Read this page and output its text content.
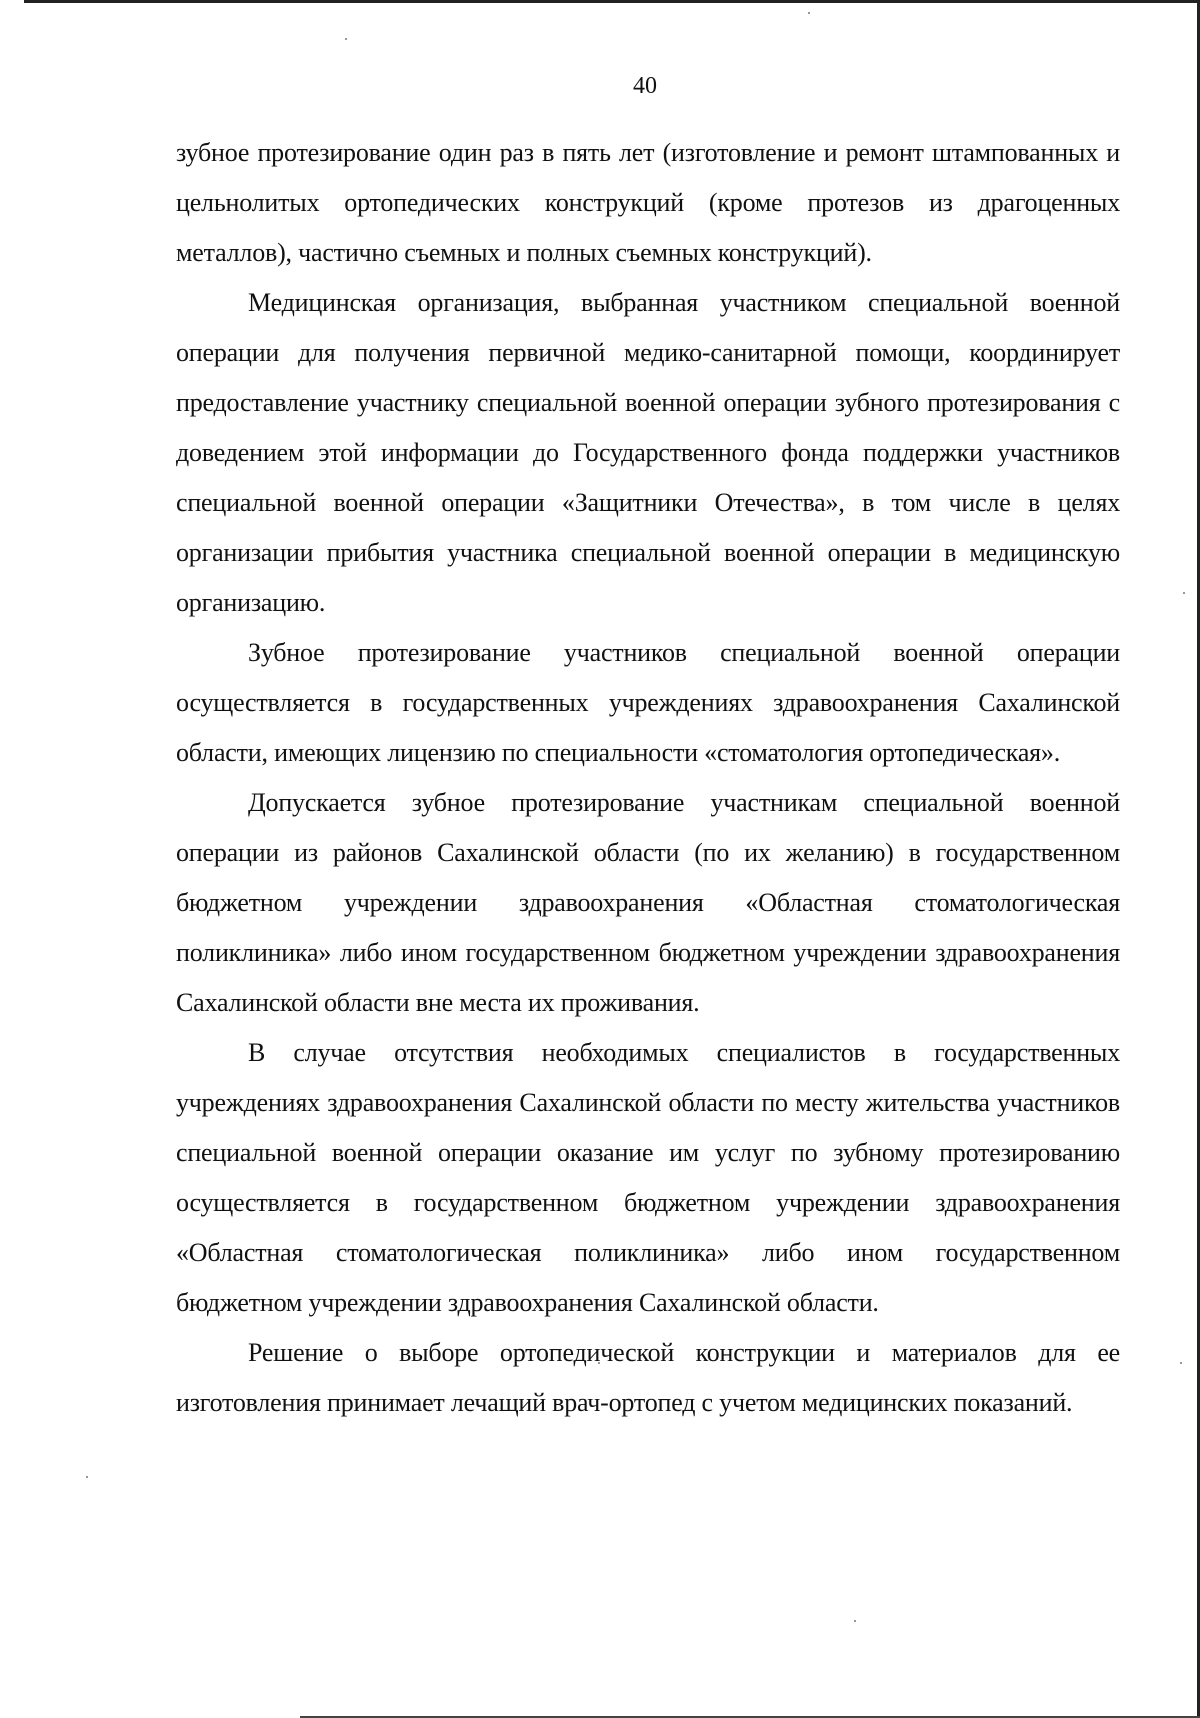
40

зубное протезирование один раз в пять лет (изготовление и ремонт штампованных и цельнолитых ортопедических конструкций (кроме протезов из драгоценных металлов), частично съемных и полных съемных конструкций).

Медицинская организация, выбранная участником специальной военной операции для получения первичной медико-санитарной помощи, координирует предоставление участнику специальной военной операции зубного протезирования с доведением этой информации до Государственного фонда поддержки участников специальной военной операции «Защитники Отечества», в том числе в целях организации прибытия участника специальной военной операции в медицинскую организацию.

Зубное протезирование участников специальной военной операции осуществляется в государственных учреждениях здравоохранения Сахалинской области, имеющих лицензию по специальности «стоматология ортопедическая».

Допускается зубное протезирование участникам специальной военной операции из районов Сахалинской области (по их желанию) в государственном бюджетном учреждении здравоохранения «Областная стоматологическая поликлиника» либо ином государственном бюджетном учреждении здравоохранения Сахалинской области вне места их проживания.

В случае отсутствия необходимых специалистов в государственных учреждениях здравоохранения Сахалинской области по месту жительства участников специальной военной операции оказание им услуг по зубному протезированию осуществляется в государственном бюджетном учреждении здравоохранения «Областная стоматологическая поликлиника» либо ином государственном бюджетном учреждении здравоохранения Сахалинской области.

Решение о выборе ортопедической конструкции и материалов для ее изготовления принимает лечащий врач-ортопед с учетом медицинских показаний.
